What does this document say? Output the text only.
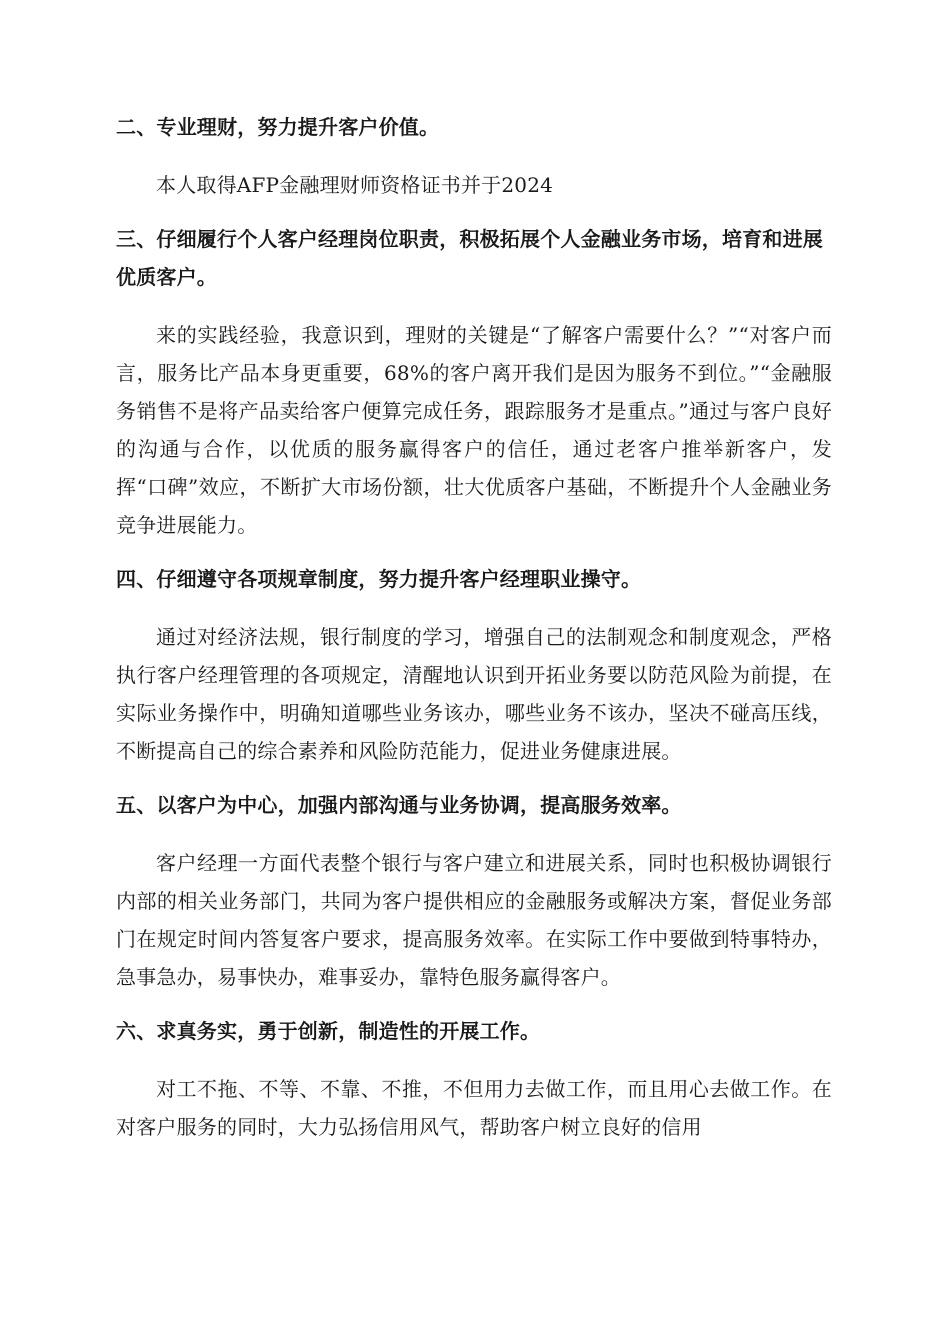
二、专业理财，努力提升客户价值。

本人取得AFP金融理财师资格证书并于2024

三、仔细履行个人客户经理岗位职责，积极拓展个人金融业务市场，培育和进展优质客户。

来的实践经验，我意识到，理财的关键是“了解客户需要什么？”“对客户而言，服务比产品本身更重要，68%的客户离开我们是因为服务不到位。”“金融服务销售不是将产品卖给客户便算完成任务，跟踪服务才是重点。”通过与客户良好的沟通与合作，以优质的服务赢得客户的信任，通过老客户推举新客户，发挥“口碑”效应，不断扩大市场份额，壮大优质客户基础，不断提升个人金融业务竞争进展能力。

四、仔细遵守各项规章制度，努力提升客户经理职业操守。

通过对经济法规，银行制度的学习，增强自己的法制观念和制度观念，严格执行客户经理管理的各项规定，清醒地认识到开拓业务要以防范风险为前提，在实际业务操作中，明确知道哪些业务该办，哪些业务不该办，坚决不碰高压线，不断提高自己的综合素养和风险防范能力，促进业务健康进展。

五、以客户为中心，加强内部沟通与业务协调，提高服务效率。

客户经理一方面代表整个银行与客户建立和进展关系，同时也积极协调银行内部的相关业务部门，共同为客户提供相应的金融服务或解决方案，督促业务部门在规定时间内答复客户要求，提高服务效率。在实际工作中要做到特事特办，急事急办，易事快办，难事妥办，靠特色服务赢得客户。

六、求真务实，勇于创新，制造性的开展工作。

对工不拖、不等、不靠、不推，不但用力去做工作，而且用心去做工作。在对客户服务的同时，大力弘扬信用风气，帮助客户树立良好的信用
